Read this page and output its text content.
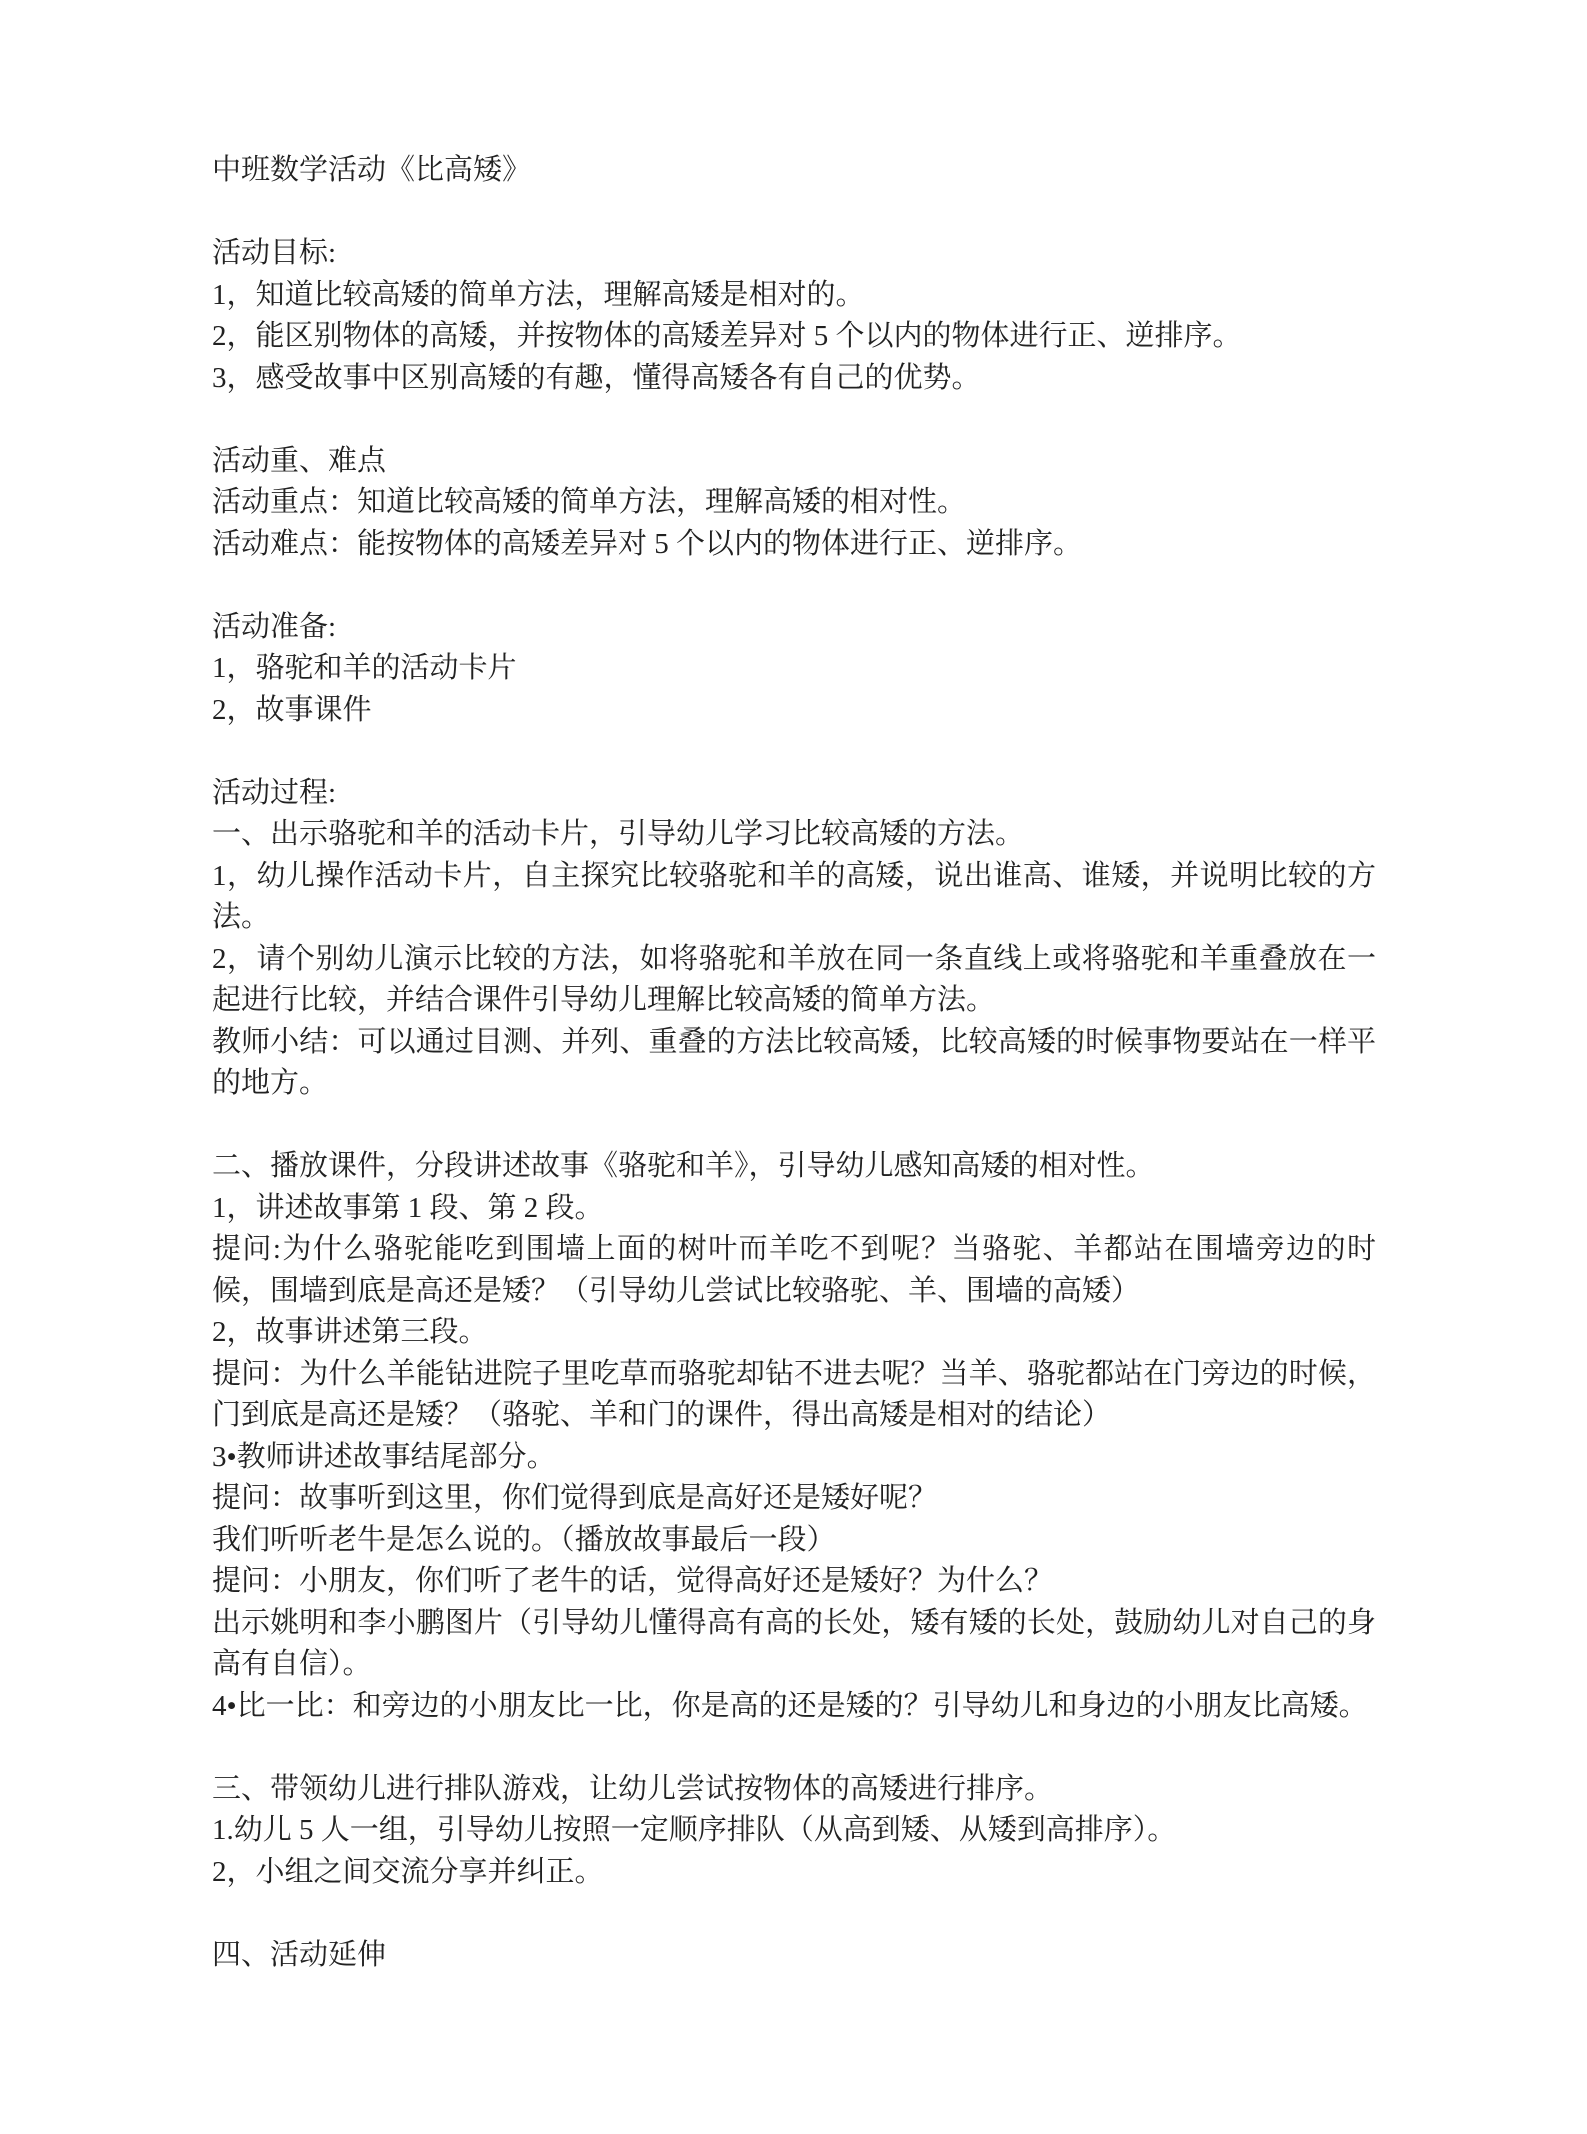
中班数学活动《比高矮》

活动目标:

1，知道比较高矮的简单方法，理解高矮是相对的。

2，能区别物体的高矮，并按物体的高矮差异对 5 个以内的物体进行正、逆排序。

3，感受故事中区别高矮的有趣，懂得高矮各有自己的优势。

活动重、难点

活动重点：知道比较高矮的简单方法，理解高矮的相对性。

活动难点：能按物体的高矮差异对 5 个以内的物体进行正、逆排序。

活动准备:

1，骆驼和羊的活动卡片

2，故事课件

活动过程:

一、出示骆驼和羊的活动卡片，引导幼儿学习比较高矮的方法。

1，幼儿操作活动卡片，自主探究比较骆驼和羊的高矮，说出谁高、谁矮，并说明比较的方法。

2，请个别幼儿演示比较的方法，如将骆驼和羊放在同一条直线上或将骆驼和羊重叠放在一起进行比较，并结合课件引导幼儿理解比较高矮的简单方法。

教师小结：可以通过目测、并列、重叠的方法比较高矮，比较高矮的时候事物要站在一样平的地方。

二、播放课件，分段讲述故事《骆驼和羊》，引导幼儿感知高矮的相对性。

1，讲述故事第 1 段、第 2 段。

提问:为什么骆驼能吃到围墙上面的树叶而羊吃不到呢？当骆驼、羊都站在围墙旁边的时候，围墙到底是高还是矮？（引导幼儿尝试比较骆驼、羊、围墙的高矮）

2，故事讲述第三段。

提问：为什么羊能钻进院子里吃草而骆驼却钻不进去呢？当羊、骆驼都站在门旁边的时候，门到底是高还是矮？（骆驼、羊和门的课件，得出高矮是相对的结论）

3•教师讲述故事结尾部分。

提问：故事听到这里，你们觉得到底是高好还是矮好呢？

我们听听老牛是怎么说的。（播放故事最后一段）

提问：小朋友，你们听了老牛的话，觉得高好还是矮好？为什么？

出示姚明和李小鹏图片（引导幼儿懂得高有高的长处，矮有矮的长处，鼓励幼儿对自己的身高有自信）。

4•比一比：和旁边的小朋友比一比，你是高的还是矮的？引导幼儿和身边的小朋友比高矮。

三、带领幼儿进行排队游戏，让幼儿尝试按物体的高矮进行排序。

1.幼儿 5 人一组，引导幼儿按照一定顺序排队（从高到矮、从矮到高排序）。

2，小组之间交流分享并纠正。

四、活动延伸
